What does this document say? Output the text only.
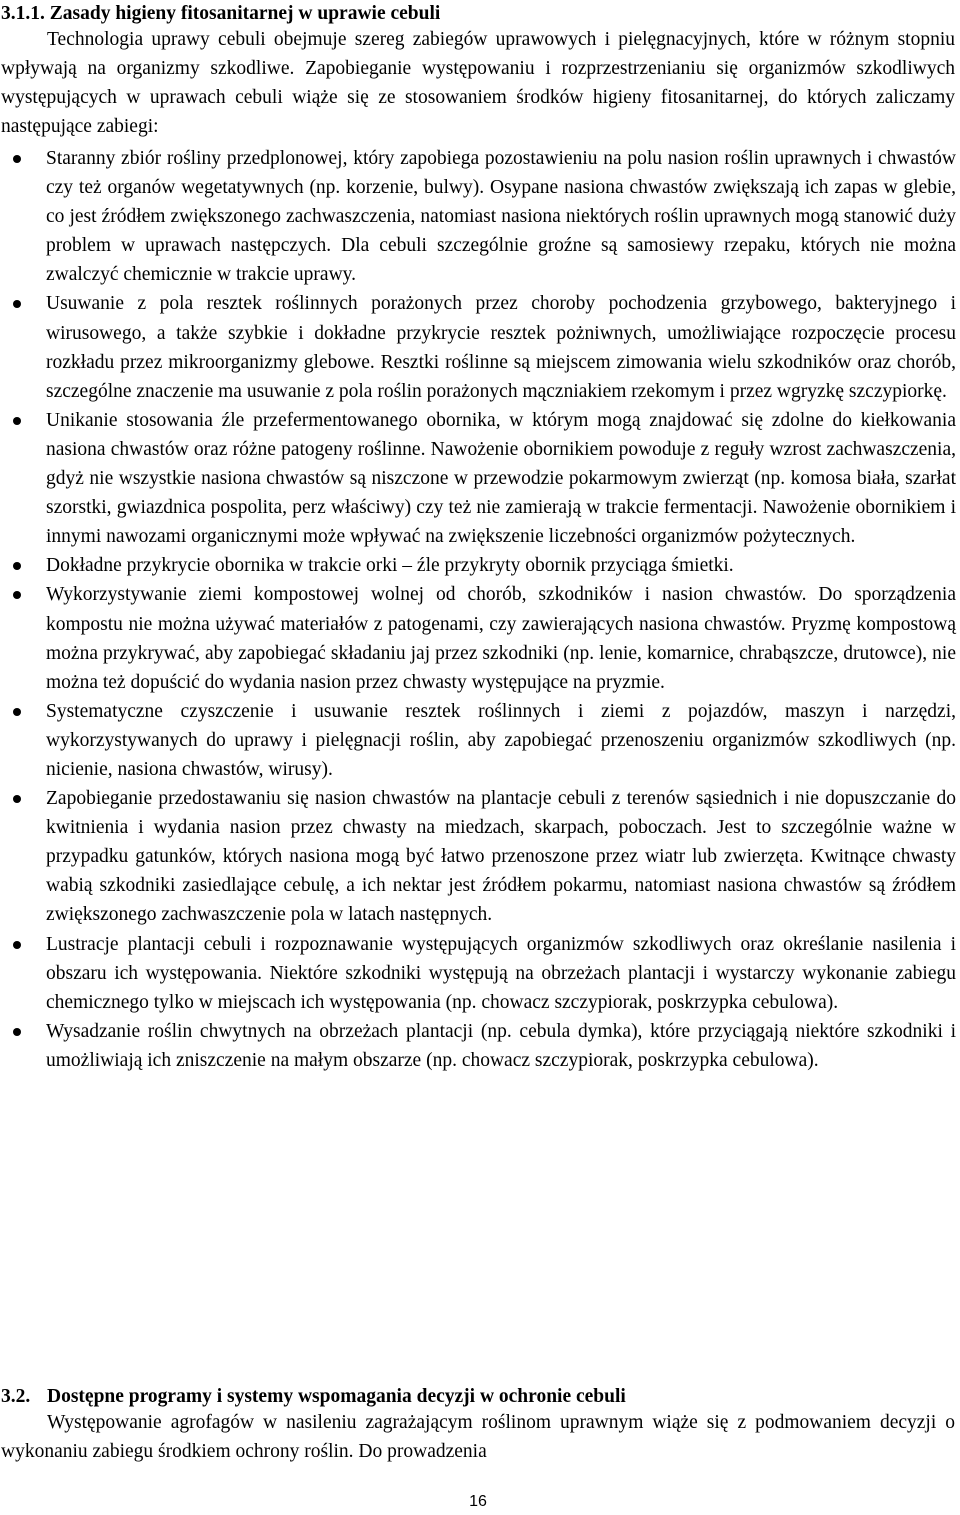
3.1.1. Zasady higieny fitosanitarnej w uprawie cebuli

Technologia uprawy cebuli obejmuje szereg zabiegów uprawowych i pielęgnacyjnych, które w różnym stopniu wpływają na organizmy szkodliwe. Zapobieganie występowaniu i rozprzestrzenianiu się organizmów szkodliwych występujących w uprawach cebuli wiąże się ze stosowaniem środków higieny fitosanitarnej, do których zaliczamy następujące zabiegi:

Staranny zbiór rośliny przedplonowej, który zapobiega pozostawieniu na polu nasion roślin uprawnych i chwastów czy też organów wegetatywnych (np. korzenie, bulwy). Osypane nasiona chwastów zwiększają ich zapas w glebie, co jest źródłem zwiększonego zachwaszczenia, natomiast nasiona niektórych roślin uprawnych mogą stanowić duży problem w uprawach następczych. Dla cebuli szczególnie groźne są samosiewy rzepaku, których nie można zwalczyć chemicznie w trakcie uprawy.
Usuwanie z pola resztek roślinnych porażonych przez choroby pochodzenia grzybowego, bakteryjnego i wirusowego, a także szybkie i dokładne przykrycie resztek pożniwnych, umożliwiające rozpoczęcie procesu rozkładu przez mikroorganizmy glebowe. Resztki roślinne są miejscem zimowania wielu szkodników oraz chorób, szczególne znaczenie ma usuwanie z pola roślin porażonych mączniakiem rzekomym i przez wgryzkę szczypiorkę.
Unikanie stosowania źle przefermentowanego obornika, w którym mogą znajdować się zdolne do kiełkowania nasiona chwastów oraz różne patogeny roślinne. Nawożenie obornikiem powoduje z reguły wzrost zachwaszczenia, gdyż nie wszystkie nasiona chwastów są niszczone w przewodzie pokarmowym zwierząt (np. komosa biała, szarłat szorstki, gwiazdnica pospolita, perz właściwy) czy też nie zamierają w trakcie fermentacji. Nawożenie obornikiem i innymi nawozami organicznymi może wpływać na zwiększenie liczebności organizmów pożytecznych.
Dokładne przykrycie obornika w trakcie orki – źle przykryty obornik przyciąga śmietki.
Wykorzystywanie ziemi kompostowej wolnej od chorób, szkodników i nasion chwastów. Do sporządzenia kompostu nie można używać materiałów z patogenami, czy zawierających nasiona chwastów. Pryzmę kompostową można przykrywać, aby zapobiegać składaniu jaj przez szkodniki (np. lenie, komarnice, chrabąszcze, drutowce), nie można też dopuścić do wydania nasion przez chwasty występujące na pryzmie.
Systematyczne czyszczenie i usuwanie resztek roślinnych i ziemi z pojazdów, maszyn i narzędzi, wykorzystywanych do uprawy i pielęgnacji roślin, aby zapobiegać przenoszeniu organizmów szkodliwych (np. nicienie, nasiona chwastów, wirusy).
Zapobieganie przedostawaniu się nasion chwastów na plantacje cebuli z terenów sąsiednich i nie dopuszczanie do kwitnienia i wydania nasion przez chwasty na miedzach, skarpach, poboczach. Jest to szczególnie ważne w przypadku gatunków, których nasiona mogą być łatwo przenoszone przez wiatr lub zwierzęta. Kwitnące chwasty wabią szkodniki zasiedlające cebulę, a ich nektar jest źródłem pokarmu, natomiast nasiona chwastów są źródłem zwiększonego zachwaszczenie pola w latach następnych.
Lustracje plantacji cebuli i rozpoznawanie występujących organizmów szkodliwych oraz określanie nasilenia i obszaru ich występowania. Niektóre szkodniki występują na obrzeżach plantacji i wystarczy wykonanie zabiegu chemicznego tylko w miejscach ich występowania (np. chowacz szczypiorak, poskrzypka cebulowa).
Wysadzanie roślin chwytnych na obrzeżach plantacji (np. cebula dymka), które przyciągają niektóre szkodniki i umożliwiają ich zniszczenie na małym obszarze (np. chowacz szczypiorak, poskrzypka cebulowa).
3.2. Dostępne programy i systemy wspomagania decyzji w ochronie cebuli

Występowanie agrofagów w nasileniu zagrażającym roślinom uprawnym wiąże się z podmowaniem decyzji o wykonaniu zabiegu środkiem ochrony roślin. Do prowadzenia

16
